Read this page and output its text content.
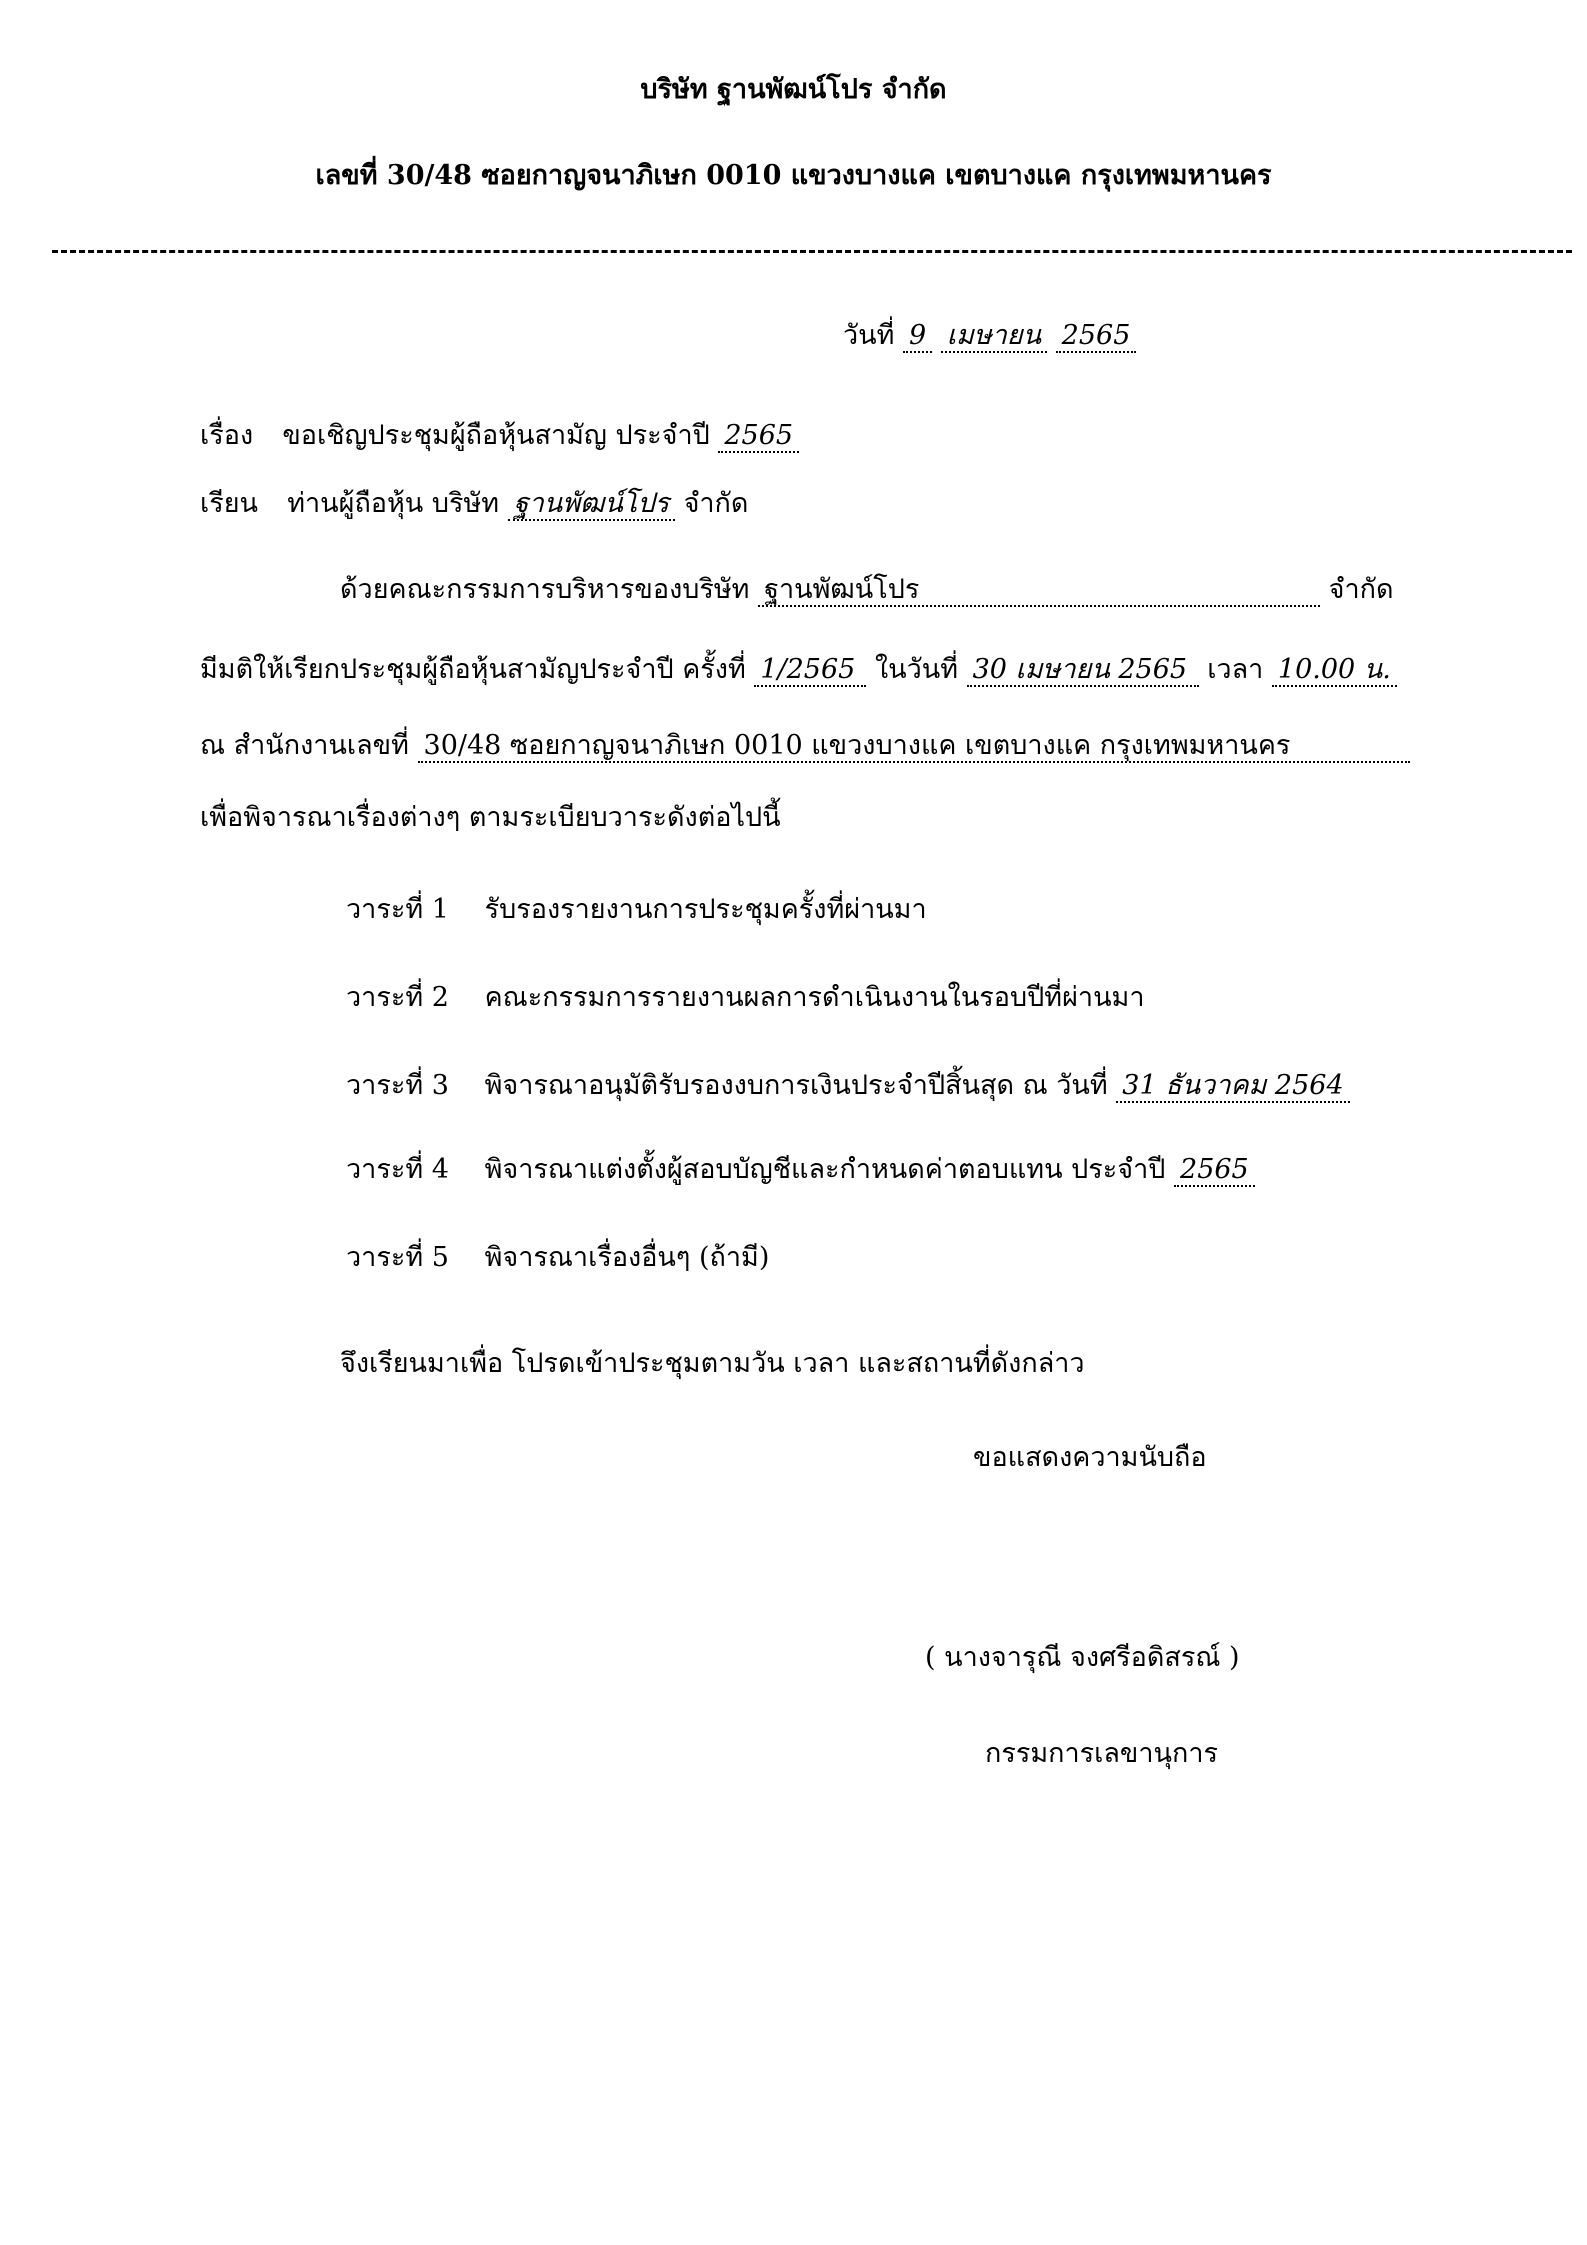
บริษัท ฐานพัฒน์โปร จำกัด
เลขที่ 30/48 ซอยกาญจนาภิเษก 0010 แขวงบางแค เขตบางแค กรุงเทพมหานคร
วันที่ 9 เมษายน 2565
เรื่อง ขอเชิญประชุมผู้ถือหุ้นสามัญ ประจำปี 2565
เรียน ท่านผู้ถือหุ้น บริษัท ฐานพัฒน์โปร จำกัด
ด้วยคณะกรรมการบริหารของบริษัท ฐานพัฒน์โปร	จำกัด
มีมติให้เรียกประชุมผู้ถือหุ้นสามัญประจำปี ครั้งที่ 1/2565 ในวันที่ 30 เมษายน 2565 เวลา 10.00 น.
ณ สำนักงานเลขที่ 30/48 ซอยกาญจนาภิเษก 0010 แขวงบางแค เขตบางแค กรุงเทพมหานคร
เพื่อพิจารณาเรื่องต่างๆ ตามระเบียบวาระดังต่อไปนี้
วาระที่ 1 รับรองรายงานการประชุมครั้งที่ผ่านมา
วาระที่ 2 คณะกรรมการรายงานผลการดำเนินงานในรอบปีที่ผ่านมา
วาระที่ 3 พิจารณาอนุมัติรับรองงบการเงินประจำปีสิ้นสุด ณ วันที่ 31 ธันวาคม 2564
วาระที่ 4 พิจารณาแต่งตั้งผู้สอบบัญชีและกำหนดค่าตอบแทน ประจำปี 2565
วาระที่ 5 พิจารณาเรื่องอื่นๆ (ถ้ามี)
จึงเรียนมาเพื่อ โปรดเข้าประชุมตามวัน เวลา และสถานที่ดังกล่าว
ขอแสดงความนับถือ
( นางจารุณี จงศรีอดิสรณ์ )
กรรมการเลขานุการ
